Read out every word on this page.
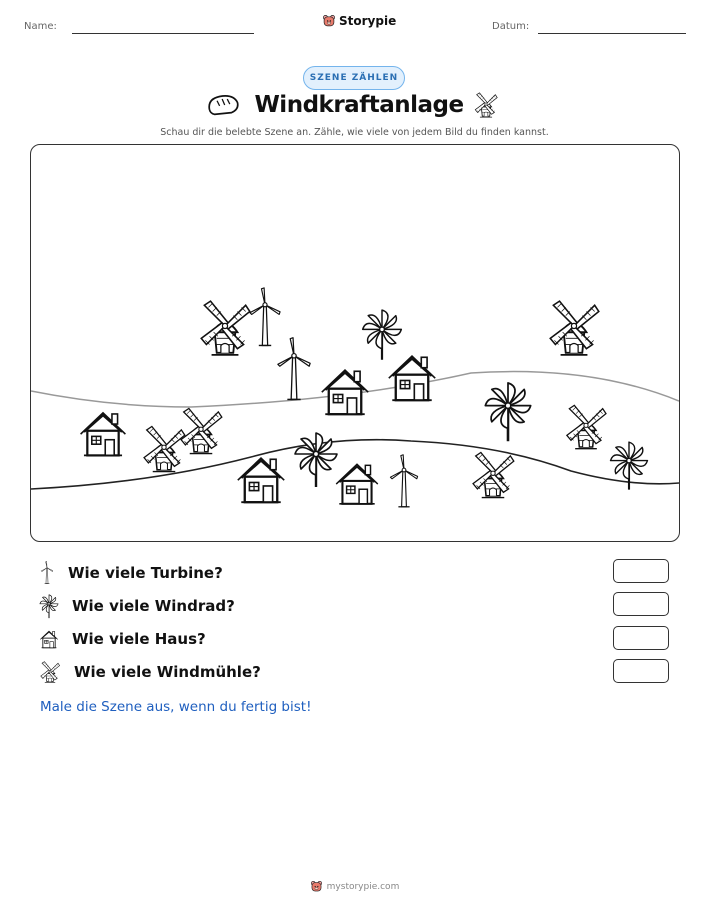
Name:	Storypie	Datum:
SZENE ZÄHLEN
Windkraftanlage
Schau dir die belebte Szene an. Zähle, wie viele von jedem Bild du finden kannst.
Wie viele Turbine?
Wie viele Windrad?
Wie viele Haus?
Wie viele Windmühle?
Male die Szene aus, wenn du fertig bist!
mystorypie.com
